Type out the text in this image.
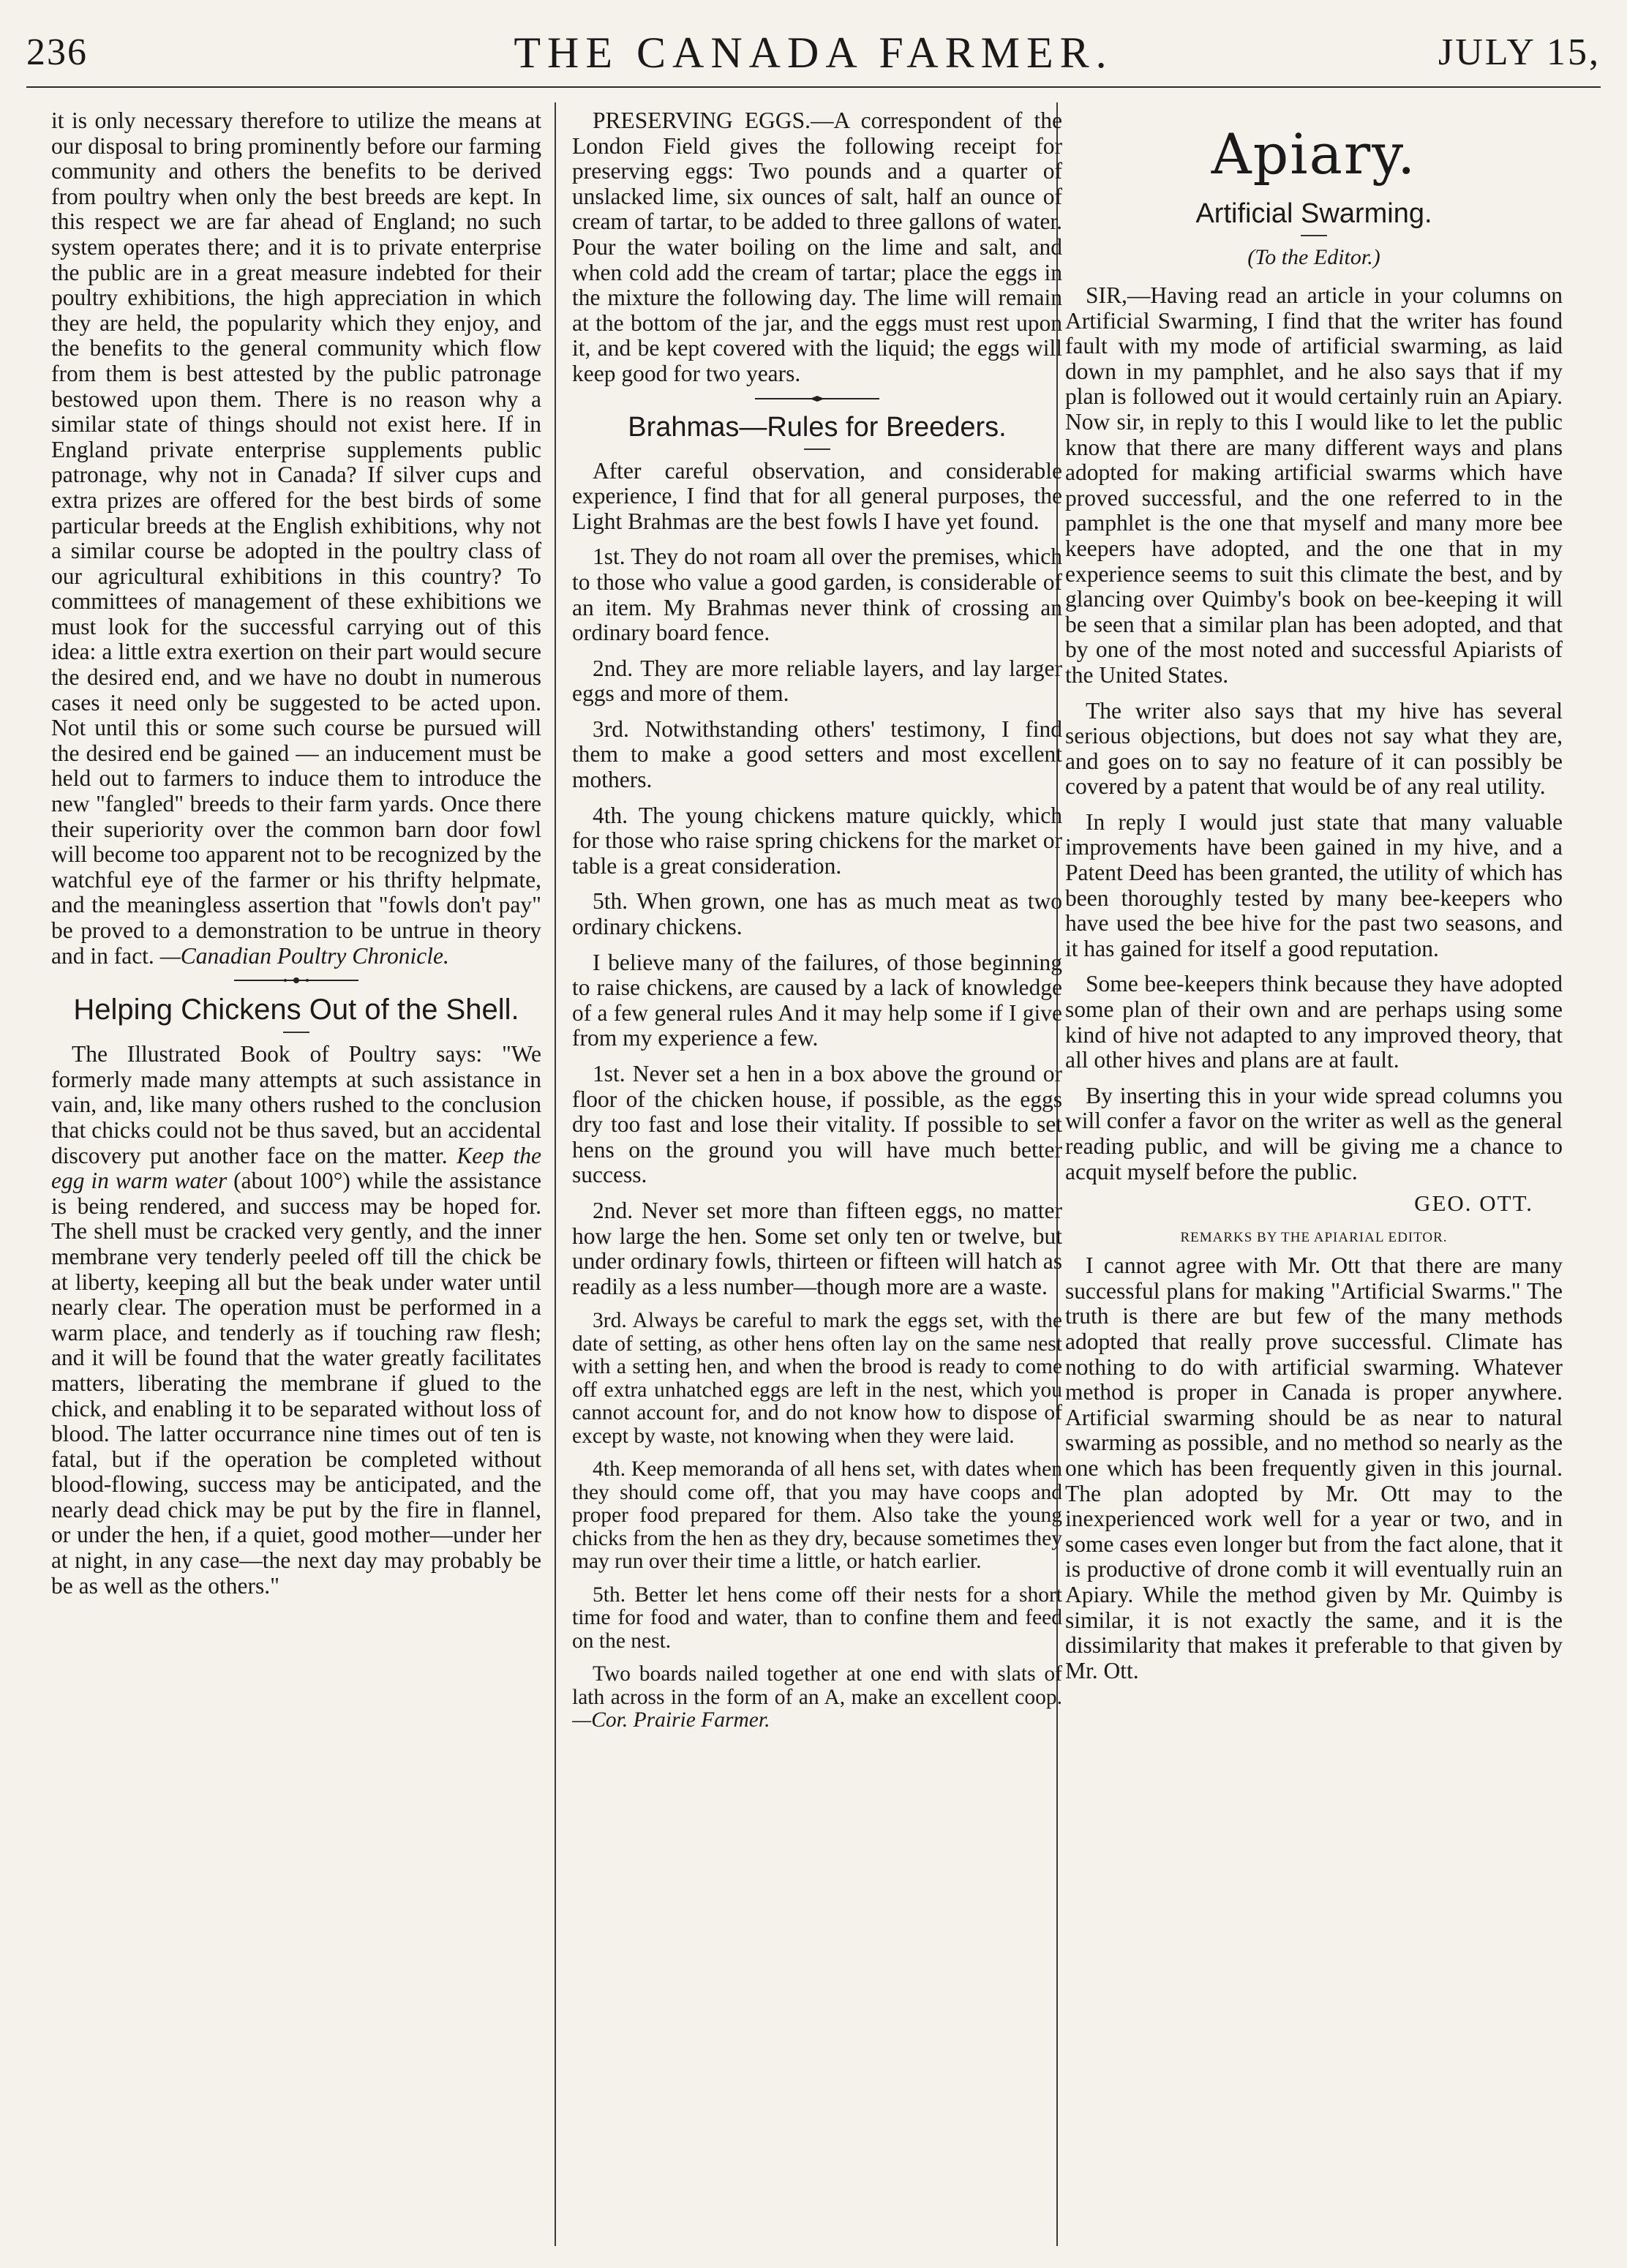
236	THE CANADA FARMER.	JULY 15,

it is only necessary therefore to utilize the means at our disposal to bring prominently before our farming community and others the benefits to be derived from poultry when only the best breeds are kept. In this respect we are far ahead of England; no such system operates there; and it is to private enterprise the public are in a great measure indebted for their poultry exhibitions, the high appreciation in which they are held, the popularity which they enjoy, and the benefits to the general community which flow from them is best attested by the public patronage bestowed upon them. There is no reason why a similar state of things should not exist here. If in England private enterprise supplements public patronage, why not in Canada? If silver cups and extra prizes are offered for the best birds of some particular breeds at the English exhibitions, why not a similar course be adopted in the poultry class of our agricultural exhibitions in this country? To committees of management of these exhibitions we must look for the successful carrying out of this idea: a little extra exertion on their part would secure the desired end, and we have no doubt in numerous cases it need only be suggested to be acted upon. Not until this or some such course be pursued will the desired end be gained — an inducement must be held out to farmers to induce them to introduce the new "fangled" breeds to their farm yards. Once there their superiority over the common barn door fowl will become too apparent not to be recognized by the watchful eye of the farmer or his thrifty helpmate, and the meaningless assertion that "fowls don't pay" be proved to a demonstration to be untrue in theory and in fact. —Canadian Poultry Chronicle.

Helping Chickens Out of the Shell.

The Illustrated Book of Poultry says: "We formerly made many attempts at such assistance in vain, and, like many others rushed to the conclusion that chicks could not be thus saved, but an accidental discovery put another face on the matter. Keep the egg in warm water (about 100°) while the assistance is being rendered, and success may be hoped for. The shell must be cracked very gently, and the inner membrane very tenderly peeled off till the chick be at liberty, keeping all but the beak under water until nearly clear. The operation must be performed in a warm place, and tenderly as if touching raw flesh; and it will be found that the water greatly facilitates matters, liberating the membrane if glued to the chick, and enabling it to be separated without loss of blood. The latter occurrance nine times out of ten is fatal, but if the operation be completed without blood-flowing, success may be anticipated, and the nearly dead chick may be put by the fire in flannel, or under the hen, if a quiet, good mother—under her at night, in any case—the next day may probably be be as well as the others."

PRESERVING EGGS.—A correspondent of the London Field gives the following receipt for preserving eggs: Two pounds and a quarter of unslacked lime, six ounces of salt, half an ounce of cream of tartar, to be added to three gallons of water. Pour the water boiling on the lime and salt, and when cold add the cream of tartar; place the eggs in the mixture the following day. The lime will remain at the bottom of the jar, and the eggs must rest upon it, and be kept covered with the liquid; the eggs will keep good for two years.

Brahmas—Rules for Breeders.

After careful observation, and considerable experience, I find that for all general purposes, the Light Brahmas are the best fowls I have yet found.

1st. They do not roam all over the premises, which to those who value a good garden, is considerable of an item. My Brahmas never think of crossing an ordinary board fence.

2nd. They are more reliable layers, and lay larger eggs and more of them.

3rd. Notwithstanding others' testimony, I find them to make a good setters and most excellent mothers.

4th. The young chickens mature quickly, which for those who raise spring chickens for the market or table is a great consideration.

5th. When grown, one has as much meat as two ordinary chickens.

I believe many of the failures, of those beginning to raise chickens, are caused by a lack of knowledge of a few general rules And it may help some if I give from my experience a few.

1st. Never set a hen in a box above the ground or floor of the chicken house, if possible, as the eggs dry too fast and lose their vitality. If possible to set hens on the ground you will have much better success.

2nd. Never set more than fifteen eggs, no matter how large the hen. Some set only ten or twelve, but under ordinary fowls, thirteen or fifteen will hatch as readily as a less number—though more are a waste.

3rd. Always be careful to mark the eggs set, with the date of setting, as other hens often lay on the same nest with a setting hen, and when the brood is ready to come off extra unhatched eggs are left in the nest, which you cannot account for, and do not know how to dispose of except by waste, not knowing when they were laid.

4th. Keep memoranda of all hens set, with dates when they should come off, that you may have coops and proper food prepared for them. Also take the young chicks from the hen as they dry, because sometimes they may run over their time a little, or hatch earlier.

5th. Better let hens come off their nests for a short time for food and water, than to confine them and feed on the nest.

Two boards nailed together at one end with slats of lath across in the form of an A, make an excellent coop. —Cor. Prairie Farmer.

Apiary.
Artificial Swarming.
(To the Editor.)

SIR,—Having read an article in your columns on Artificial Swarming, I find that the writer has found fault with my mode of artificial swarming, as laid down in my pamphlet, and he also says that if my plan is followed out it would certainly ruin an Apiary. Now sir, in reply to this I would like to let the public know that there are many different ways and plans adopted for making artificial swarms which have proved successful, and the one referred to in the pamphlet is the one that myself and many more bee keepers have adopted, and the one that in my experience seems to suit this climate the best, and by glancing over Quimby's book on bee-keeping it will be seen that a similar plan has been adopted, and that by one of the most noted and successful Apiarists of the United States.

The writer also says that my hive has several serious objections, but does not say what they are, and goes on to say no feature of it can possibly be covered by a patent that would be of any real utility.

In reply I would just state that many valuable improvements have been gained in my hive, and a Patent Deed has been granted, the utility of which has been thoroughly tested by many bee-keepers who have used the bee hive for the past two seasons, and it has gained for itself a good reputation.

Some bee-keepers think because they have adopted some plan of their own and are perhaps using some kind of hive not adapted to any improved theory, that all other hives and plans are at fault.

By inserting this in your wide spread columns you will confer a favor on the writer as well as the general reading public, and will be giving me a chance to acquit myself before the public.

GEO. OTT.
REMARKS BY THE APIARIAL EDITOR.

I cannot agree with Mr. Ott that there are many successful plans for making "Artificial Swarms." The truth is there are but few of the many methods adopted that really prove successful. Climate has nothing to do with artificial swarming. Whatever method is proper in Canada is proper anywhere. Artificial swarming should be as near to natural swarming as possible, and no method so nearly as the one which has been frequently given in this journal. The plan adopted by Mr. Ott may to the inexperienced work well for a year or two, and in some cases even longer but from the fact alone, that it is productive of drone comb it will eventually ruin an Apiary. While the method given by Mr. Quimby is similar, it is not exactly the same, and it is the dissimilarity that makes it preferable to that given by Mr. Ott.
